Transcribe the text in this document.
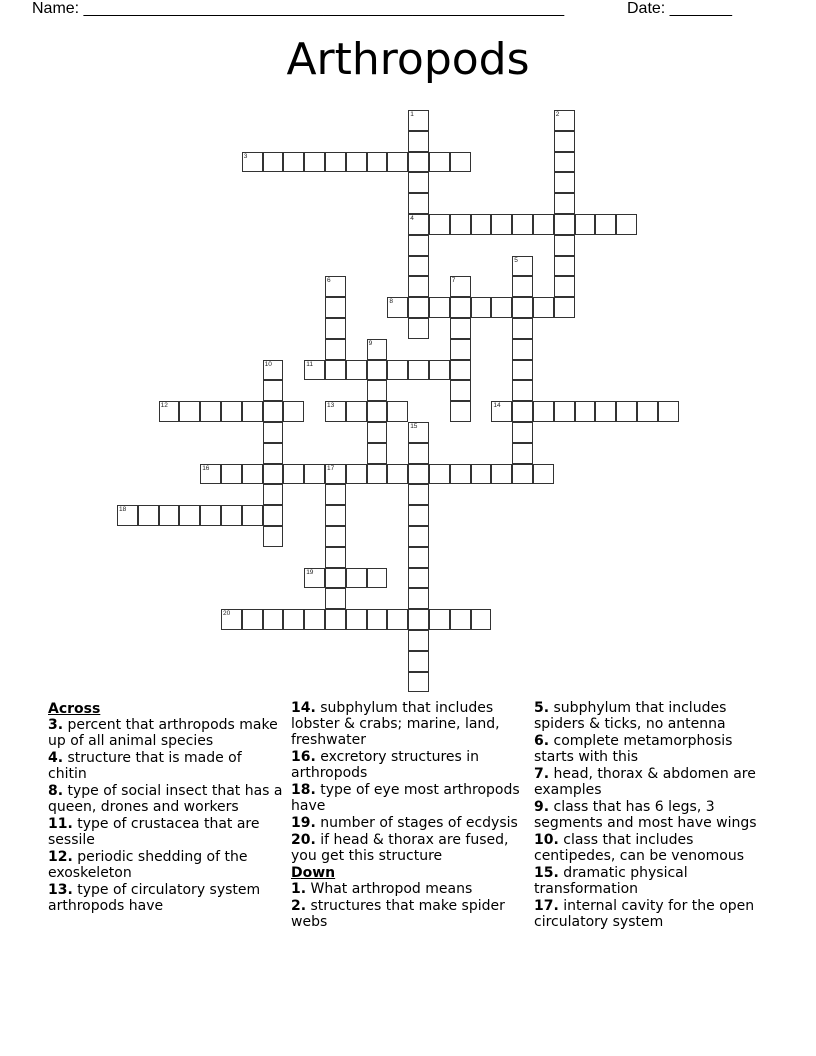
Name: ______________________________________________________	Date: _______
Arthropods
1
4
2
3
5
6	7
8
9
10	11
12	13	14
15
16	17
18
19
20
Across
3. percent that arthropods make up of all animal species
4. structure that is made of chitin
8. type of social insect that has a queen, drones and workers
11. type of crustacea that are sessile
12. periodic shedding of the exoskeleton
13. type of circulatory system arthropods have
14. subphylum that includes lobster & crabs; marine, land, freshwater
16. excretory structures in arthropods
18. type of eye most arthropods have
19. number of stages of ecdysis
20. if head & thorax are fused, you get this structure
Down
1. What arthropod means
2. structures that make spider webs
5. subphylum that includes spiders & ticks, no antenna
6. complete metamorphosis starts with this
7. head, thorax & abdomen are examples
9. class that has 6 legs, 3 segments and most have wings
10. class that includes centipedes, can be venomous
15. dramatic physical transformation
17. internal cavity for the open circulatory system
